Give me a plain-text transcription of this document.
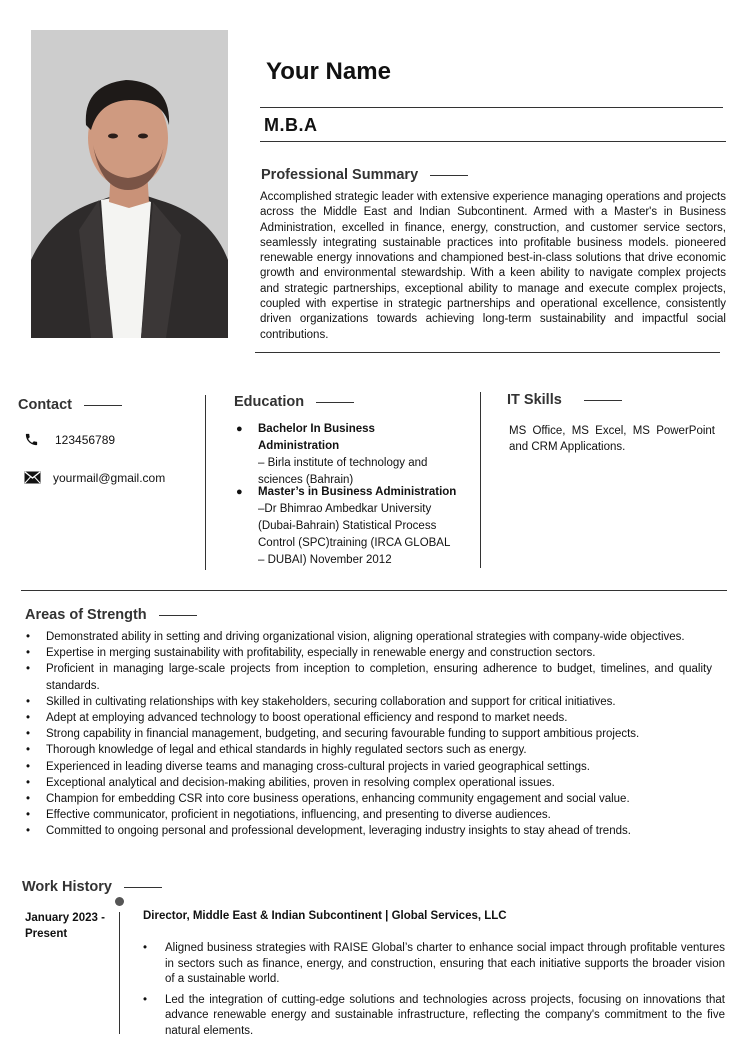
Your Name
M.B.A
Professional Summary
Accomplished strategic leader with extensive experience managing operations and projects across the Middle East and Indian Subcontinent. Armed with a Master's in Business Administration, excelled in finance, energy, construction, and customer service sectors, seamlessly integrating sustainable practices into profitable business models. pioneered renewable energy innovations and championed best-in-class solutions that drive economic growth and environmental stewardship. With a keen ability to navigate complex projects and strategic partnerships, exceptional ability to manage and execute complex projects, coupled with expertise in strategic partnerships and operational excellence, consistently driven organizations towards achieving long-term sustainability and impactful social contributions.
Contact
123456789
yourmail@gmail.com
Education
● Bachelor In Business Administration
– Birla institute of technology and sciences (Bahrain)
● Master’s in Business Administration
–Dr Bhimrao Ambedkar University (Dubai-Bahrain) Statistical Process Control (SPC)training (IRCA GLOBAL – DUBAI) November 2012
IT Skills
MS Office, MS Excel, MS PowerPoint and CRM Applications.
Areas of Strength
• Demonstrated ability in setting and driving organizational vision, aligning operational strategies with company-wide objectives.
• Expertise in merging sustainability with profitability, especially in renewable energy and construction sectors.
• Proficient in managing large-scale projects from inception to completion, ensuring adherence to budget, timelines, and quality standards.
• Skilled in cultivating relationships with key stakeholders, securing collaboration and support for critical initiatives.
• Adept at employing advanced technology to boost operational efficiency and respond to market needs.
• Strong capability in financial management, budgeting, and securing favourable funding to support ambitious projects.
• Thorough knowledge of legal and ethical standards in highly regulated sectors such as energy.
• Experienced in leading diverse teams and managing cross-cultural projects in varied geographical settings.
• Exceptional analytical and decision-making abilities, proven in resolving complex operational issues.
• Champion for embedding CSR into core business operations, enhancing community engagement and social value.
• Effective communicator, proficient in negotiations, influencing, and presenting to diverse audiences.
• Committed to ongoing personal and professional development, leveraging industry insights to stay ahead of trends.
Work History
January 2023 - Present
Director, Middle East & Indian Subcontinent | Global Services, LLC
• Aligned business strategies with RAISE Global’s charter to enhance social impact through profitable ventures in sectors such as finance, energy, and construction, ensuring that each initiative supports the broader vision of a sustainable world.
• Led the integration of cutting-edge solutions and technologies across projects, focusing on innovations that advance renewable energy and sustainable infrastructure, reflecting the company's commitment to the five natural elements.
